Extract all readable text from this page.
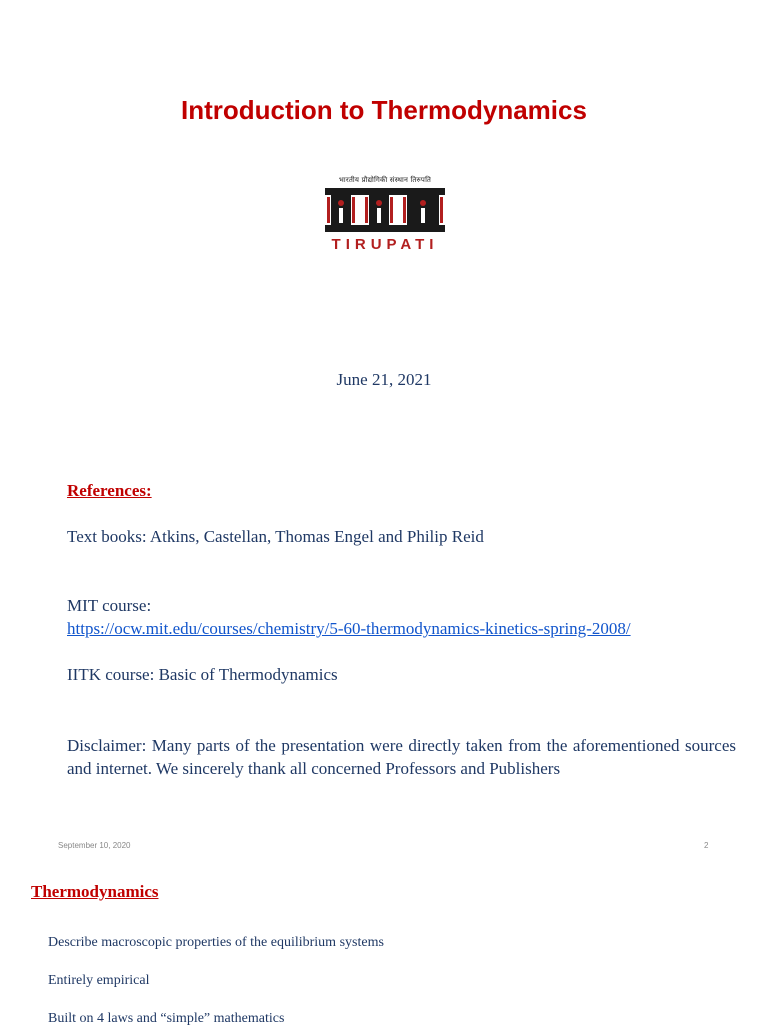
Introduction to Thermodynamics
भारतीय प्रौद्योगिकी संस्थान तिरुपति
TIRUPATI
June 21, 2021
References:
Text books: Atkins, Castellan, Thomas Engel and Philip Reid
MIT course:
https://ocw.mit.edu/courses/chemistry/5-60-thermodynamics-kinetics-spring-2008/
IITK course: Basic of Thermodynamics
Disclaimer: Many parts of the presentation were directly taken from the aforementioned sources and internet. We sincerely thank all concerned Professors and Publishers
September 10, 2020	2
Thermodynamics
Describe macroscopic properties of the equilibrium systems
Entirely empirical
Built on 4 laws and “simple” mathematics
